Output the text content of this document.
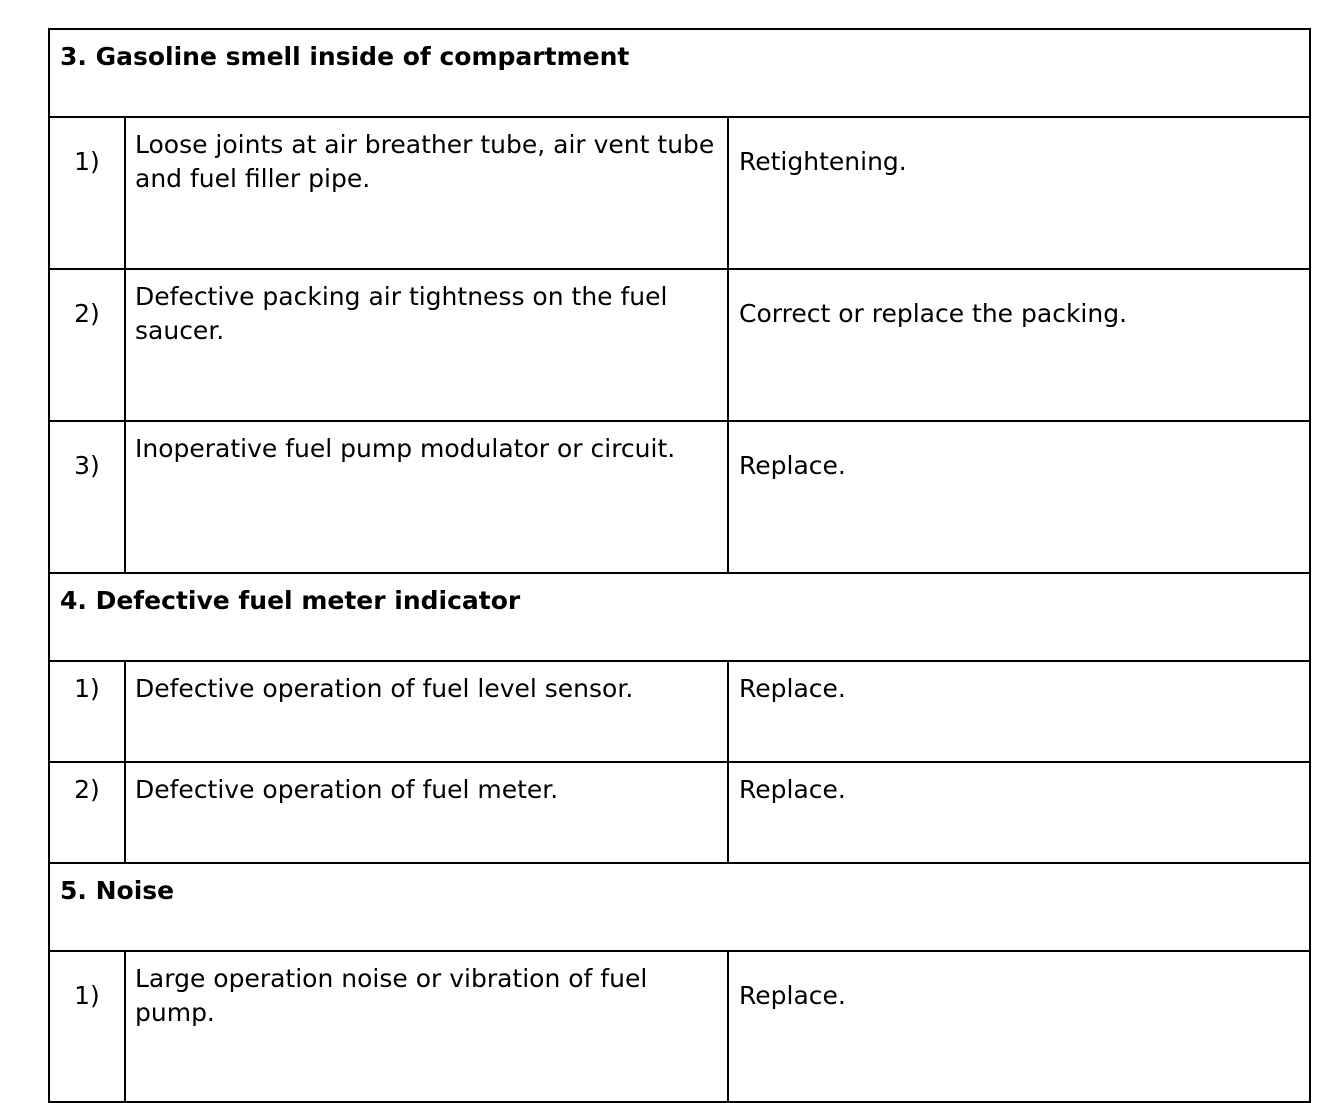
3. Gasoline smell inside of compartment		
1)	Loose joints at air breather tube, air vent tube and fuel filler pipe.	Retightening.
2)	Defective packing air tightness on the fuel saucer.	Correct or replace the packing.
3)	Inoperative fuel pump modulator or circuit.	Replace.
4. Defective fuel meter indicator		
1)	Defective operation of fuel level sensor.	Replace.
2)	Defective operation of fuel meter.	Replace.
5. Noise		
1)	Large operation noise or vibration of fuel pump.	Replace.
